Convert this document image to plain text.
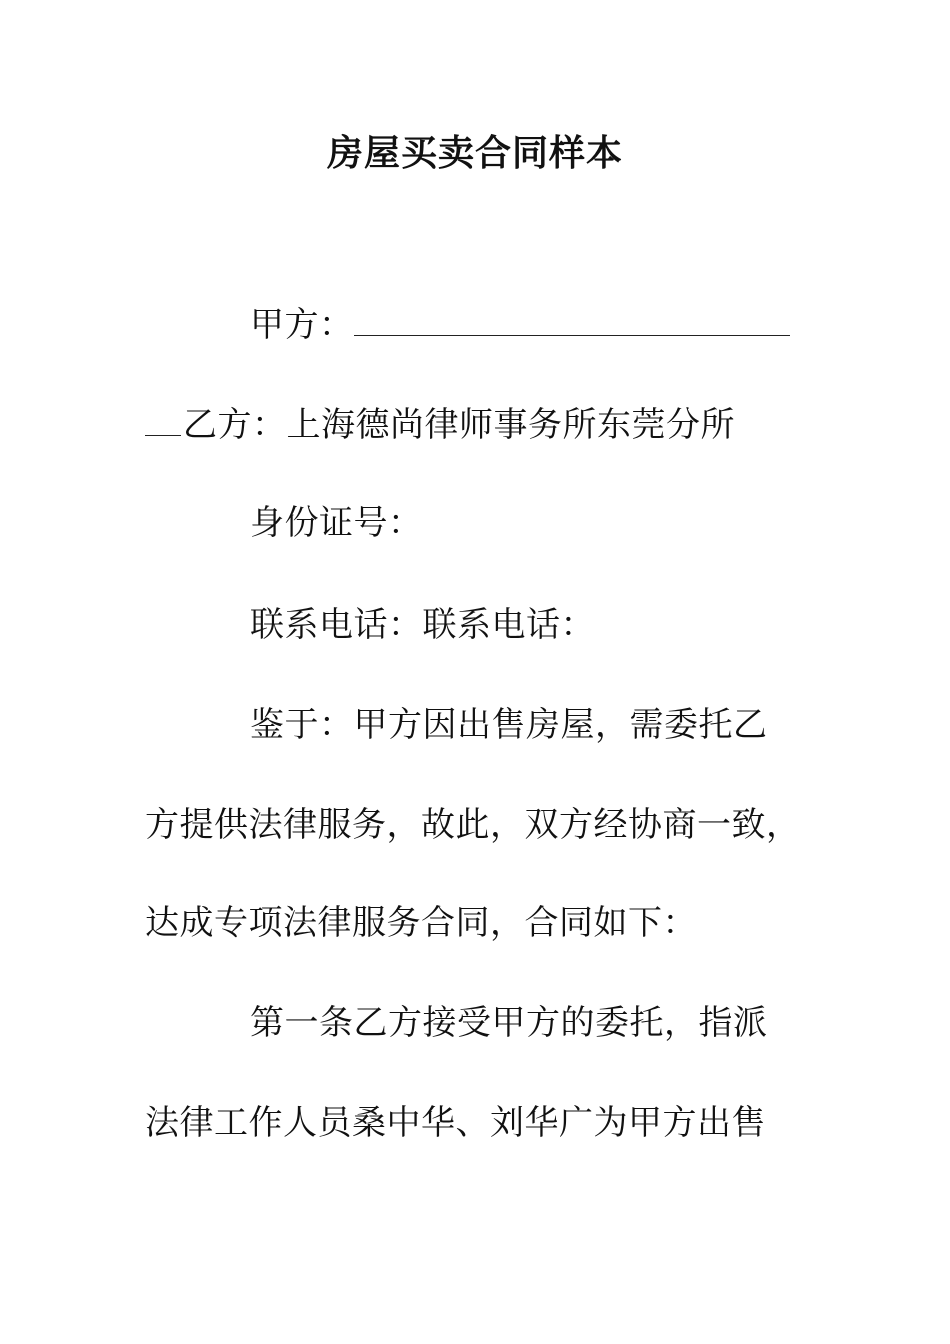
房屋买卖合同样本
甲方：
乙方：上海德尚律师事务所东莞分所
身份证号：
联系电话：联系电话：
鉴于：甲方因出售房屋，需委托乙
方提供法律服务，故此，双方经协商一致，
达成专项法律服务合同，合同如下：
第一条乙方接受甲方的委托，指派
法律工作人员桑中华、刘华广为甲方出售
